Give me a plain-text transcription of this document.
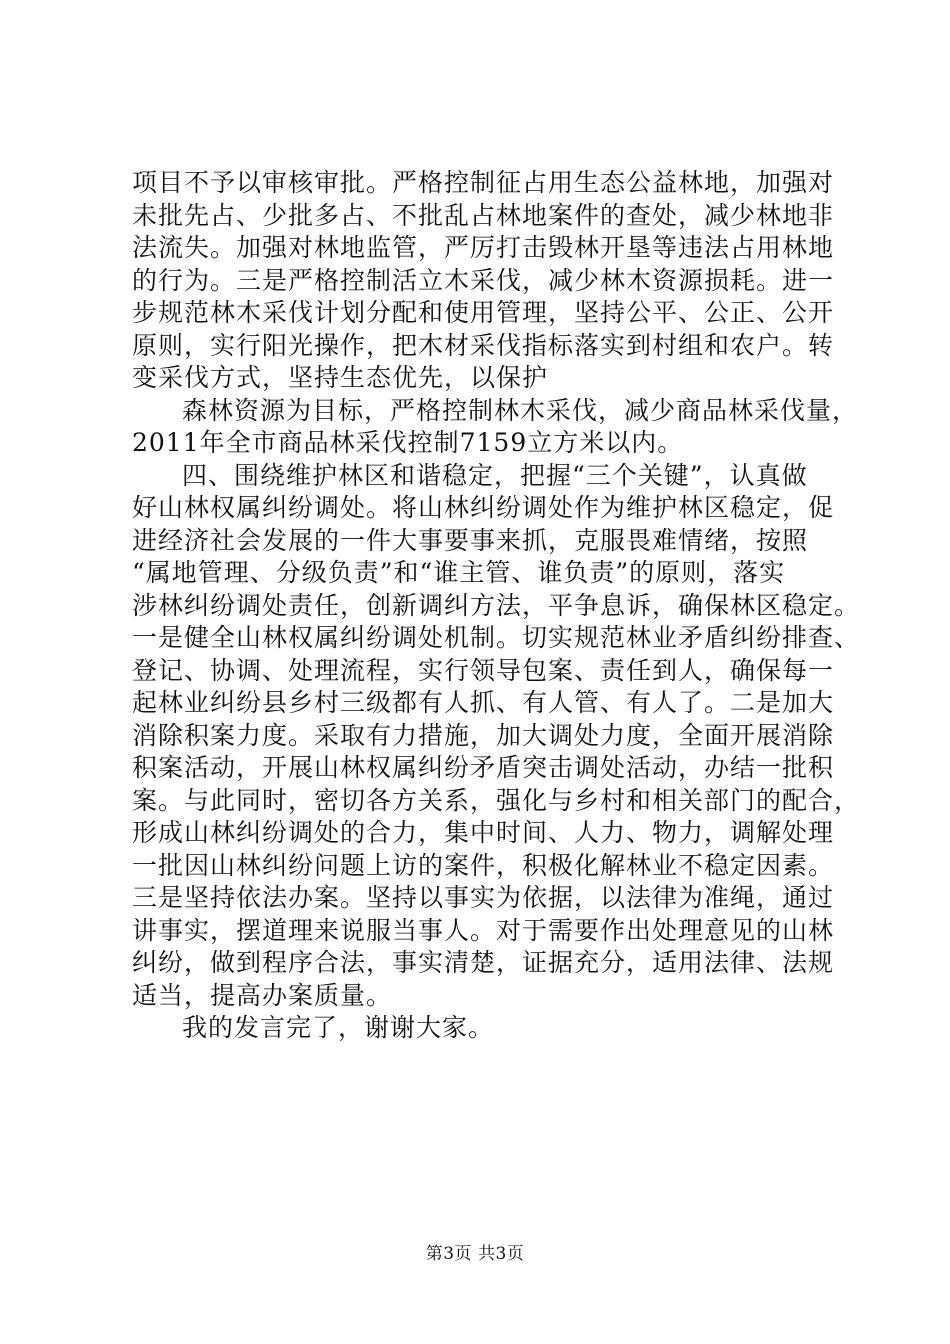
项目不予以审核审批。严格控制征占用生态公益林地，加强对
未批先占、少批多占、不批乱占林地案件的查处，减少林地非
法流失。加强对林地监管，严厉打击毁林开垦等违法占用林地
的行为。三是严格控制活立木采伐，减少林木资源损耗。进一
步规范林木采伐计划分配和使用管理，坚持公平、公正、公开
原则，实行阳光操作，把木材采伐指标落实到村组和农户。转
变采伐方式，坚持生态优先，以保护
森林资源为目标，严格控制林木采伐，减少商品林采伐量，
2011年全市商品林采伐控制7159立方米以内。
四、围绕维护林区和谐稳定，把握“三个关键”，认真做
好山林权属纠纷调处。将山林纠纷调处作为维护林区稳定，促
进经济社会发展的一件大事要事来抓，克服畏难情绪，按照
“属地管理、分级负责”和“谁主管、谁负责”的原则，落实
涉林纠纷调处责任，创新调纠方法，平争息诉，确保林区稳定。
一是健全山林权属纠纷调处机制。切实规范林业矛盾纠纷排查、
登记、协调、处理流程，实行领导包案、责任到人，确保每一
起林业纠纷县乡村三级都有人抓、有人管、有人了。二是加大
消除积案力度。采取有力措施，加大调处力度，全面开展消除
积案活动，开展山林权属纠纷矛盾突击调处活动，办结一批积
案。与此同时，密切各方关系，强化与乡村和相关部门的配合，
形成山林纠纷调处的合力，集中时间、人力、物力，调解处理
一批因山林纠纷问题上访的案件，积极化解林业不稳定因素。
三是坚持依法办案。坚持以事实为依据，以法律为准绳，通过
讲事实，摆道理来说服当事人。对于需要作出处理意见的山林
纠纷，做到程序合法，事实清楚，证据充分，适用法律、法规
适当，提高办案质量。
我的发言完了，谢谢大家。
第3页 共3页
